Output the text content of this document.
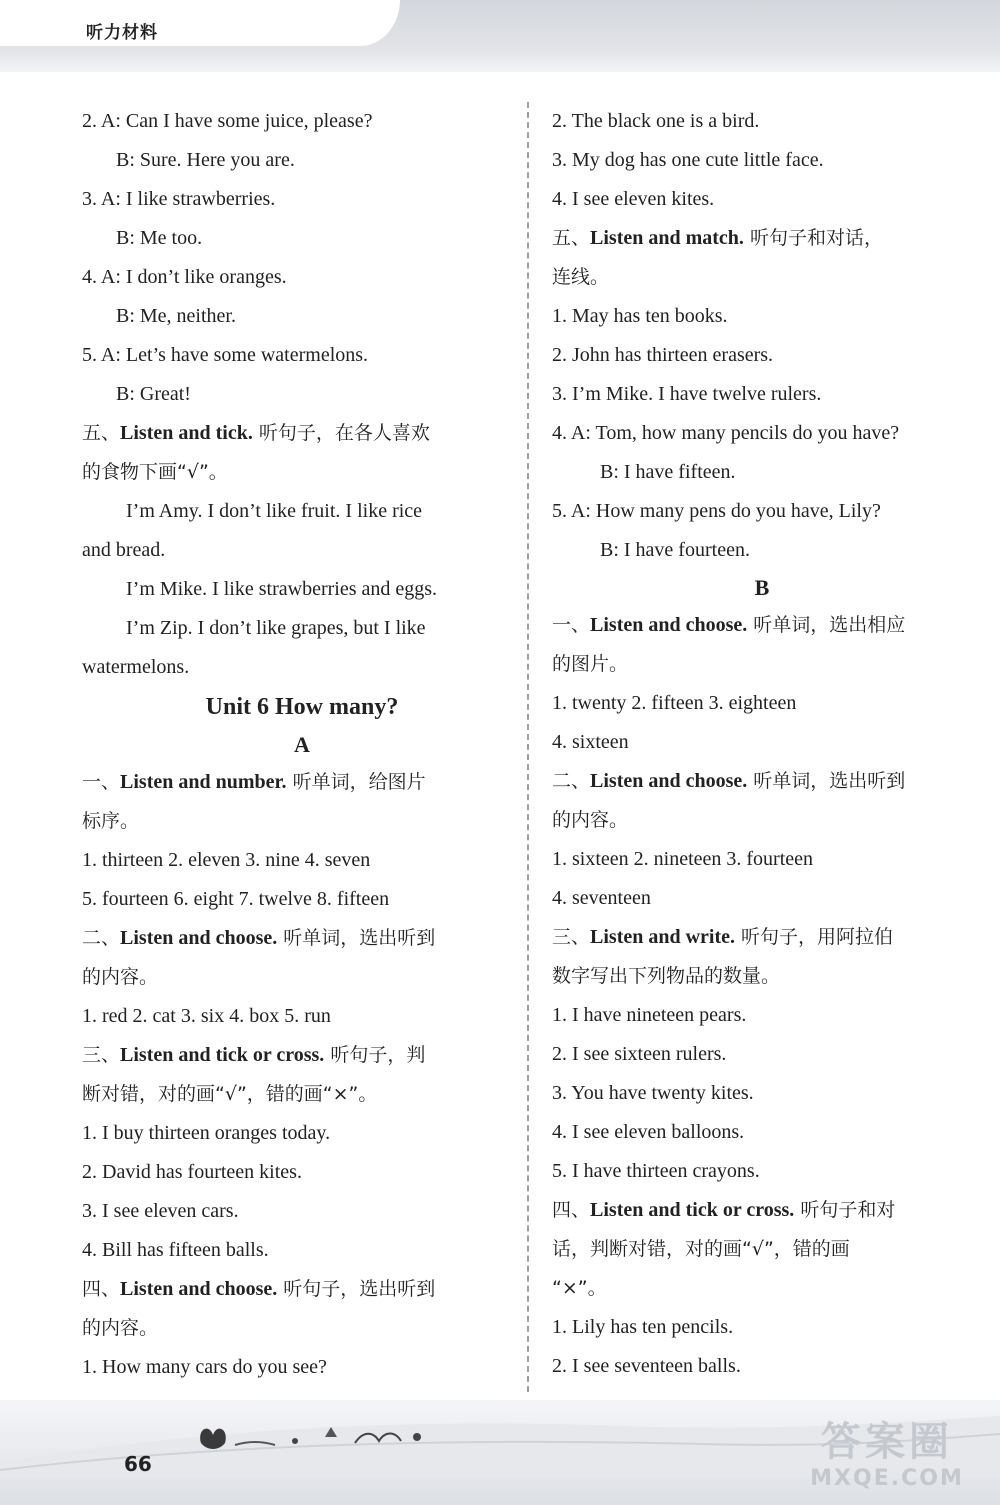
听力材料
2. A: Can I have some juice, please?
B: Sure. Here you are.
3. A: I like strawberries.
B: Me too.
4. A: I don’t like oranges.
B: Me, neither.
5. A: Let’s have some watermelons.
B: Great!
五、Listen and tick. 听句子，在各人喜欢
的食物下画“√”。
I’m Amy. I don’t like fruit. I like rice
and bread.
I’m Mike. I like strawberries and eggs.
I’m Zip. I don’t like grapes, but I like
watermelons.
Unit 6 How many?
A
一、Listen and number. 听单词，给图片
标序。
1. thirteen 2. eleven 3. nine 4. seven
5. fourteen 6. eight 7. twelve 8. fifteen
二、Listen and choose. 听单词，选出听到
的内容。
1. red 2. cat 3. six 4. box 5. run
三、Listen and tick or cross. 听句子，判
断对错，对的画“√”，错的画“×”。
1. I buy thirteen oranges today.
2. David has fourteen kites.
3. I see eleven cars.
4. Bill has fifteen balls.
四、Listen and choose. 听句子，选出听到
的内容。
1. How many cars do you see?
2. The black one is a bird.
3. My dog has one cute little face.
4. I see eleven kites.
五、Listen and match. 听句子和对话，
连线。
1. May has ten books.
2. John has thirteen erasers.
3. I’m Mike. I have twelve rulers.
4. A: Tom, how many pencils do you have?
B: I have fifteen.
5. A: How many pens do you have, Lily?
B: I have fourteen.
B
一、Listen and choose. 听单词，选出相应
的图片。
1. twenty 2. fifteen 3. eighteen
4. sixteen
二、Listen and choose. 听单词，选出听到
的内容。
1. sixteen 2. nineteen 3. fourteen
4. seventeen
三、Listen and write. 听句子，用阿拉伯
数字写出下列物品的数量。
1. I have nineteen pears.
2. I see sixteen rulers.
3. You have twenty kites.
4. I see eleven balloons.
5. I have thirteen crayons.
四、Listen and tick or cross. 听句子和对
话，判断对错，对的画“√”，错的画
“×”。
1. Lily has ten pencils.
2. I see seventeen balls.
66	答案圈
MXQE.COM
